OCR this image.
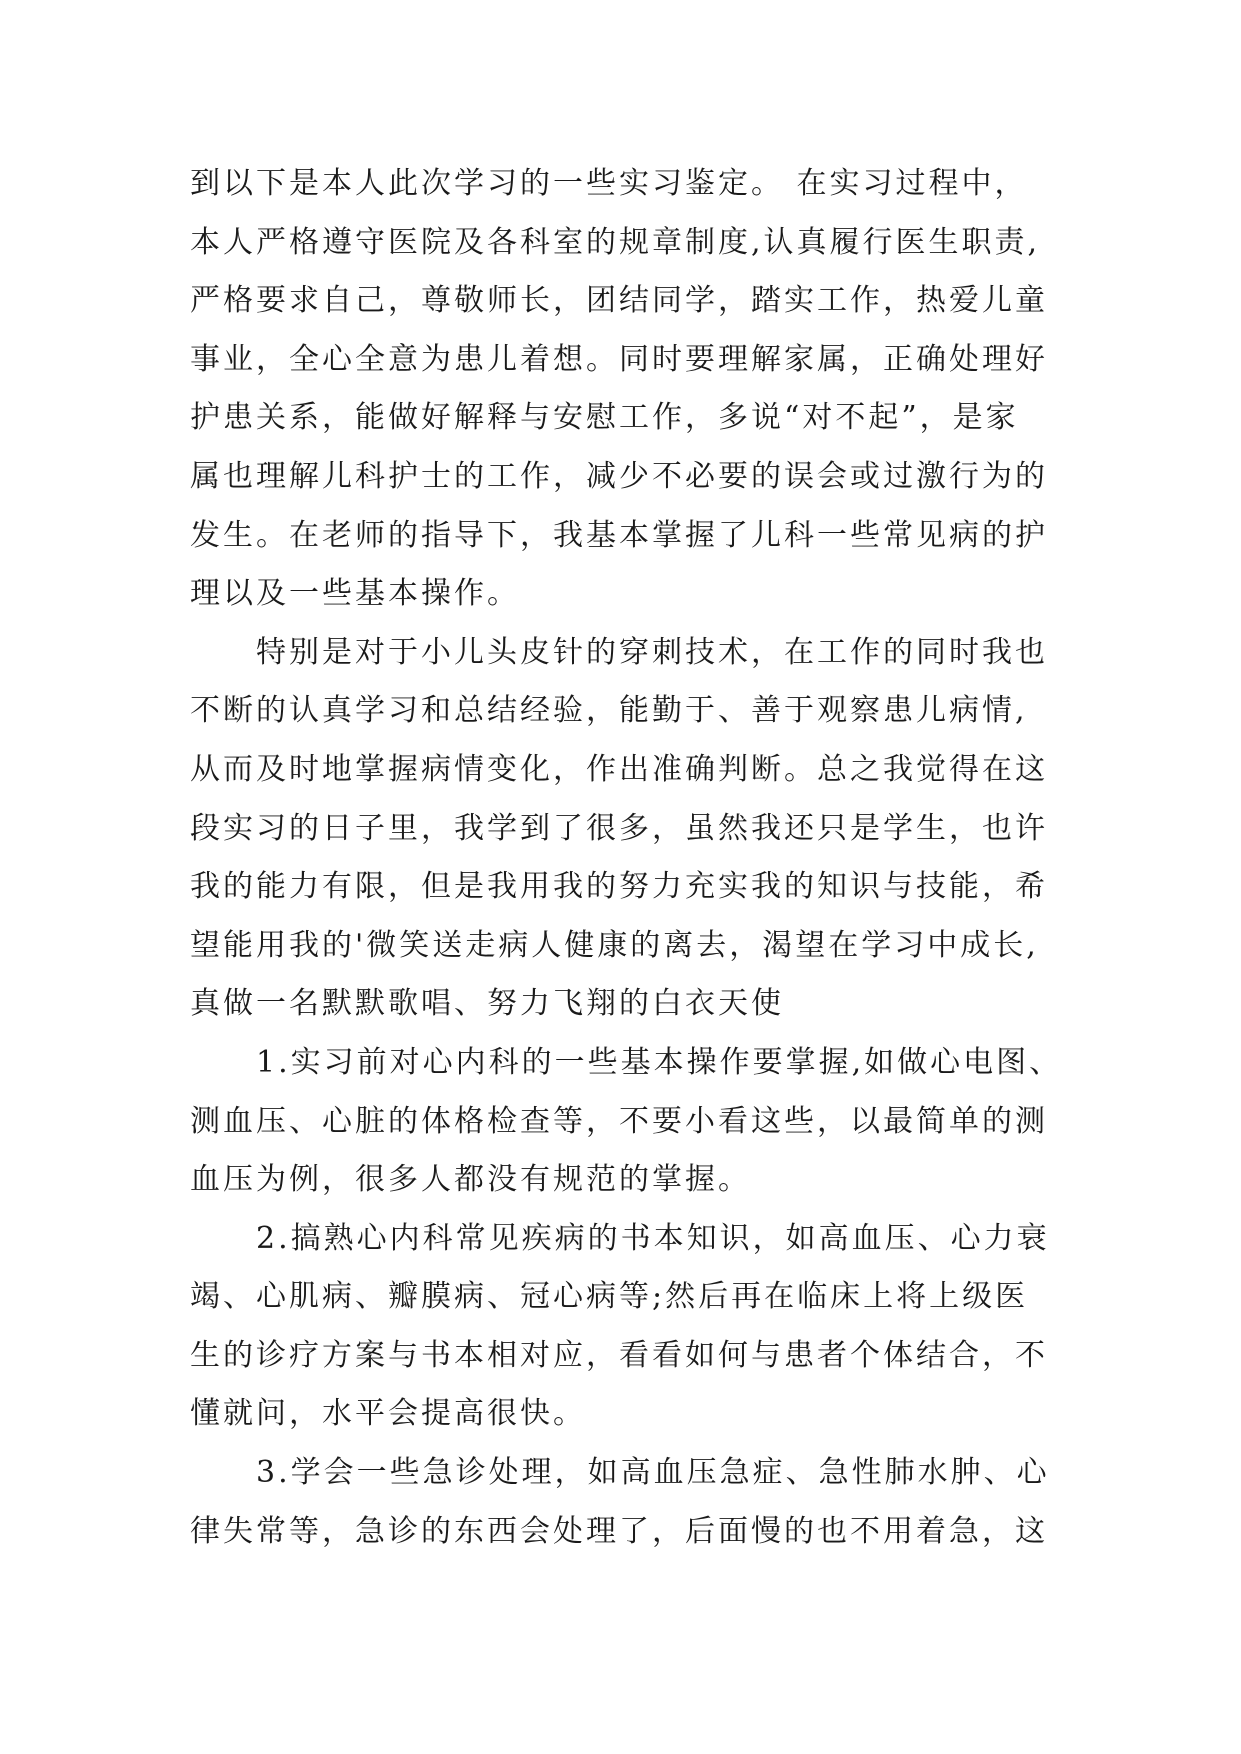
到以下是本人此次学习的一些实习鉴定。 在实习过程中，
本人严格遵守医院及各科室的规章制度,认真履行医生职责,
严格要求自己，尊敬师长，团结同学，踏实工作，热爱儿童
事业，全心全意为患儿着想。同时要理解家属，正确处理好
护患关系，能做好解释与安慰工作，多说“对不起”，是家
属也理解儿科护士的工作，减少不必要的误会或过激行为的
发生。在老师的指导下，我基本掌握了儿科一些常见病的护
理以及一些基本操作。
特别是对于小儿头皮针的穿刺技术，在工作的同时我也
不断的认真学习和总结经验，能勤于、善于观察患儿病情,
从而及时地掌握病情变化，作出准确判断。总之我觉得在这
段实习的日子里，我学到了很多，虽然我还只是学生，也许
我的能力有限，但是我用我的努力充实我的知识与技能，希
望能用我的'微笑送走病人健康的离去，渴望在学习中成长,
真做一名默默歌唱、努力飞翔的白衣天使
1.实习前对心内科的一些基本操作要掌握,如做心电图、
测血压、心脏的体格检查等，不要小看这些，以最简单的测
血压为例，很多人都没有规范的掌握。
2.搞熟心内科常见疾病的书本知识，如高血压、心力衰
竭、心肌病、瓣膜病、冠心病等;然后再在临床上将上级医
生的诊疗方案与书本相对应，看看如何与患者个体结合，不
懂就问，水平会提高很快。
3.学会一些急诊处理，如高血压急症、急性肺水肿、心
律失常等，急诊的东西会处理了，后面慢的也不用着急，这
